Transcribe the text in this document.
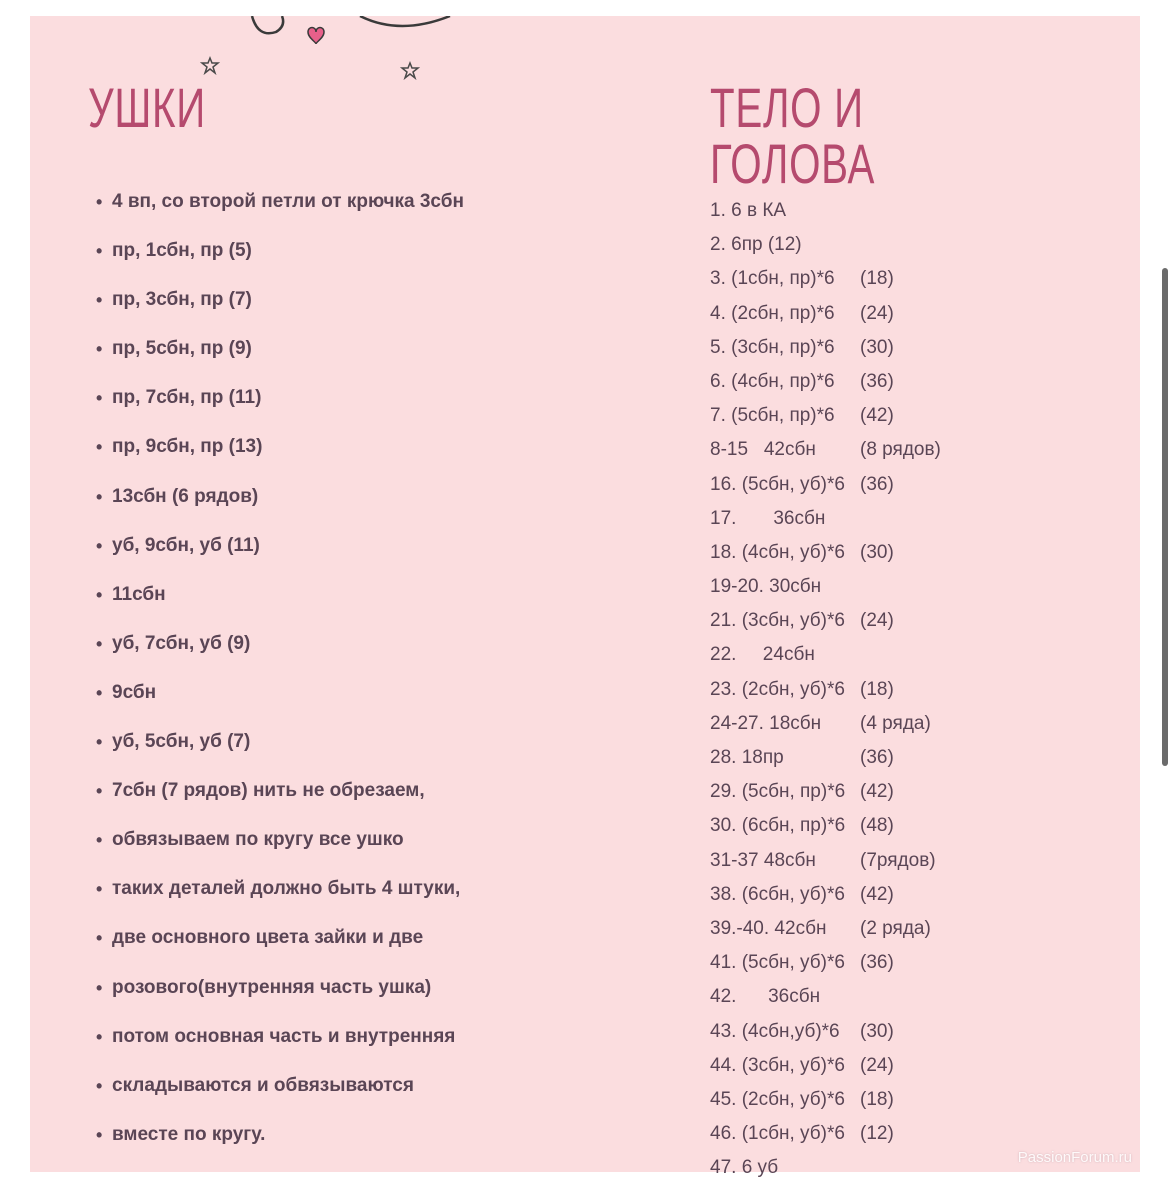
УШКИ	ТЕЛО И ГОЛОВА
• 4 вп, со второй петли от крючка 3сбн
• пр, 1сбн, пр (5)
• пр, 3сбн, пр (7)
• пр, 5сбн, пр (9)
• пр, 7сбн, пр (11)
• пр, 9сбн, пр (13)
• 13сбн (6 рядов)
• уб, 9сбн, уб (11)
• 11сбн
• уб, 7сбн, уб (9)
• 9сбн
• уб, 5сбн, уб (7)
• 7сбн (7 рядов) нить не обрезаем,
• обвязываем по кругу все ушко
• таких деталей должно быть 4 штуки,
• две основного цвета зайки и две
• розового(внутренняя часть ушка)
• потом основная часть и внутренняя
• складываются и обвязываются
• вместе по кругу.
1. 6 в КА
2. 6пр (12)
3. (1сбн, пр)*6 (18)
4. (2сбн, пр)*6 (24)
5. (3сбн, пр)*6 (30)
6. (4сбн, пр)*6 (36)
7. (5сбн, пр)*6 (42)
8-15   42сбн (8 рядов)
16. (5сбн, уб)*6 (36)
17.       36сбн
18. (4сбн, уб)*6 (30)
19-20. 30сбн
21. (3сбн, уб)*6 (24)
22.     24сбн
23. (2сбн, уб)*6 (18)
24-27. 18сбн (4 ряда)
28. 18пр	(36)
29. (5сбн, пр)*6 (42)
30. (6сбн, пр)*6 (48)
31-37 48сбн (7рядов)
38. (6сбн, уб)*6 (42)
39.-40. 42сбн (2 ряда)
41. (5сбн, уб)*6 (36)
42.      36сбн
43. (4сбн,уб)*6 (30)
44. (3сбн, уб)*6 (24)
45. (2сбн, уб)*6 (18)
46. (1сбн, уб)*6 (12)
47. 6 уб	PassionForum.ru
